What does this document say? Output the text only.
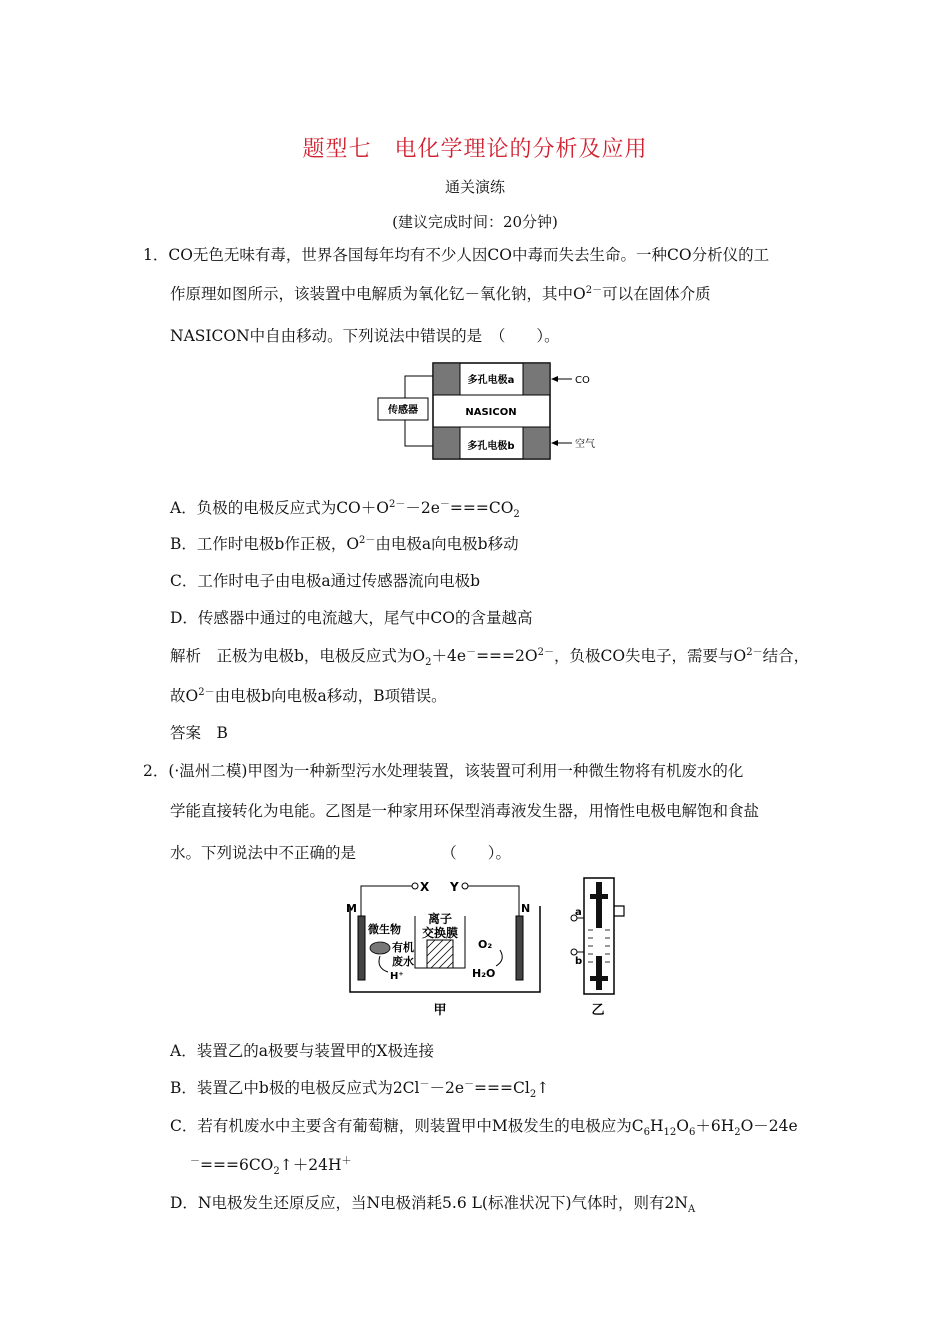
题型七　电化学理论的分析及应用
通关演练
(建议完成时间：20分钟)
1．CO无色无味有毒，世界各国每年均有不少人因CO中毒而失去生命。一种CO分析仪的工
作原理如图所示，该装置中电解质为氧化钇－氧化钠，其中$O^{2-}$可以在固体介质
NASICON中自由移动。下列说法中错误的是　（　　）。
多孔电极a
NASICON
多孔电极b
传感器
CO
空气
A．负极的电极反应式为$CO+O^{2-}-2e^-===CO_2$
B．工作时电极b作正极，$O^{2-}$由电极a向电极b移动
C．工作时电子由电极a通过传感器流向电极b
D．传感器中通过的电流越大，尾气中CO的含量越高
解析　正极为电极b，电极反应式为$O_2+4e^-===2O^{2-}$，负极CO失电子，需要与$O^{2-}$结合，
故$O^{2-}$由电极b向电极a移动，B项错误。
答案　B
2．(·温州二模)甲图为一种新型污水处理装置，该装置可利用一种微生物将有机废水的化
学能直接转化为电能。乙图是一种家用环保型消毒液发生器，用惰性电极电解饱和食盐
水。下列说法中不正确的是　　　　　　（　　）。
X Y
M	N
离子
交换膜
微生物
有机
废水
H⁺
O₂
H₂O
甲
a
b
乙
A．装置乙的a极要与装置甲的X极连接
B．装置乙中b极的电极反应式为$2Cl^--2e^-===Cl_2↑$
C．若有机废水中主要含有葡萄糖，则装置甲中M极发生的电极应为$C_6H_{12}O_6+6H_2O-24e$
$^-===6CO_2↑+24H^+$
D．N电极发生还原反应，当N电极消耗5.6 L(标准状况下)气体时，则有$2N_A$
